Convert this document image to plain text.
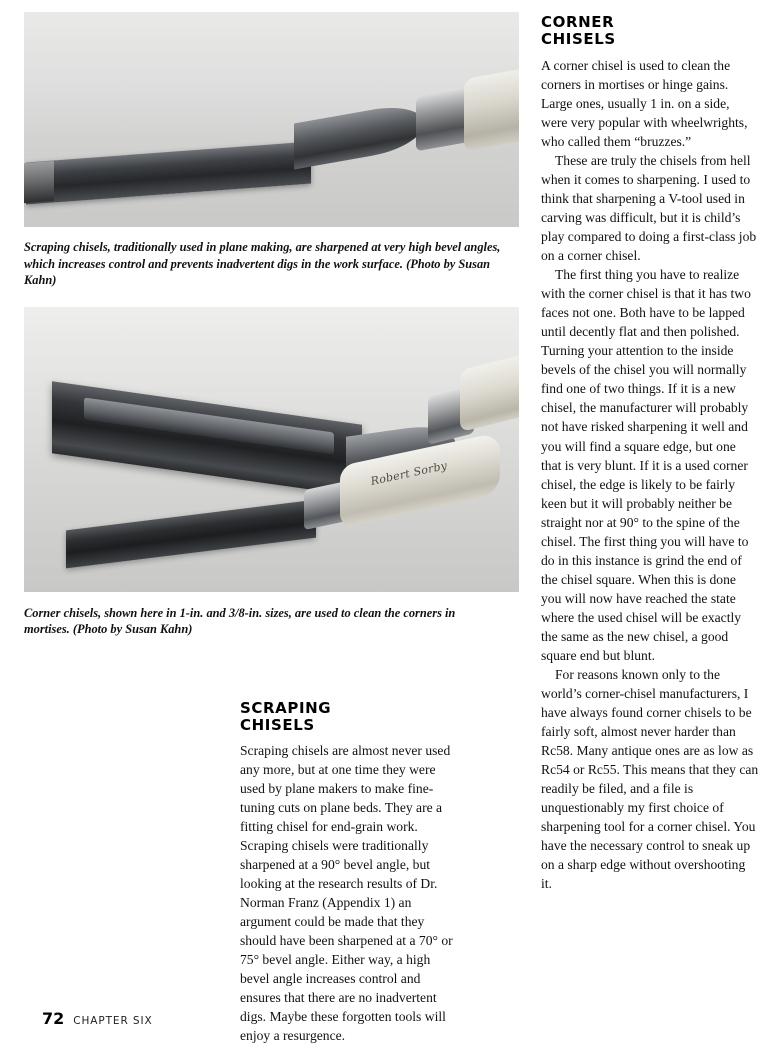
Scraping chisels, traditionally used in plane making, are sharpened at very high bevel angles, which increases control and prevents inadvertent digs in the work surface. (Photo by Susan Kahn)
Robert Sorby
Corner chisels, shown here in 1-in. and 3/8-in. sizes, are used to clean the corners in mortises. (Photo by Susan Kahn)
SCRAPING
CHISELS

Scraping chisels are almost never used any more, but at one time they were used by plane makers to make fine-tuning cuts on plane beds. They are a fitting chisel for end-grain work. Scraping chisels were traditionally sharpened at a 90° bevel angle, but looking at the research results of Dr. Norman Franz (Appendix 1) an argument could be made that they should have been sharpened at a 70° or 75° bevel angle. Either way, a high bevel angle increases control and ensures that there are no inadvertent digs. Maybe these forgotten tools will enjoy a resurgence.

CORNER
CHISELS

A corner chisel is used to clean the corners in mortises or hinge gains. Large ones, usually 1 in. on a side, were very popular with wheelwrights, who called them “bruzzes.”

These are truly the chisels from hell when it comes to sharpening. I used to think that sharpening a V-tool used in carving was difficult, but it is child’s play compared to doing a first-class job on a corner chisel.

The first thing you have to realize with the corner chisel is that it has two faces not one. Both have to be lapped until decently flat and then polished. Turning your attention to the inside bevels of the chisel you will normally find one of two things. If it is a new chisel, the manufacturer will probably not have risked sharpening it well and you will find a square edge, but one that is very blunt. If it is a used corner chisel, the edge is likely to be fairly keen but it will probably neither be straight nor at 90° to the spine of the chisel. The first thing you will have to do in this instance is grind the end of the chisel square. When this is done you will now have reached the state where the used chisel will be exactly the same as the new chisel, a good square end but blunt.

For reasons known only to the world’s corner-chisel manufacturers, I have always found corner chisels to be fairly soft, almost never harder than Rc58. Many antique ones are as low as Rc54 or Rc55. This means that they can readily be filed, and a file is unquestionably my first choice of sharpening tool for a corner chisel. You have the necessary control to sneak up on a sharp edge without overshooting it.

72 CHAPTER SIX
